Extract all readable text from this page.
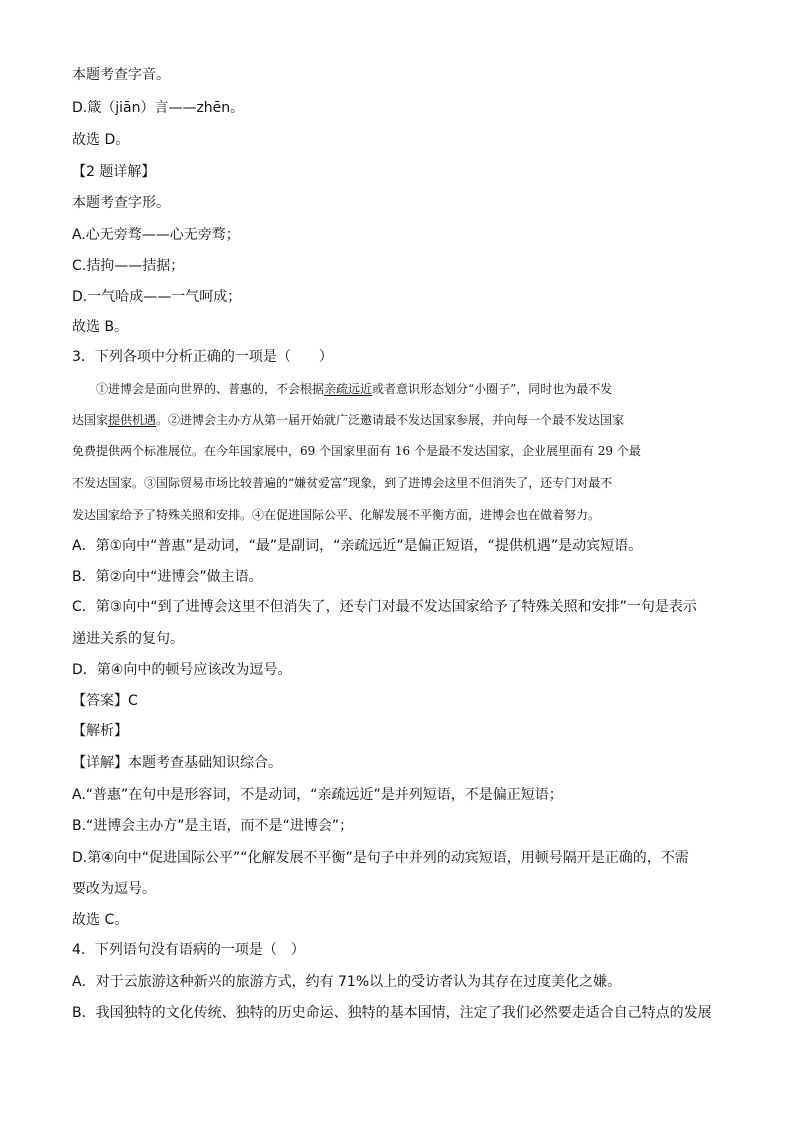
本题考查字音。
D.箴（jiān）言——zhēn。
故选 D。
【2 题详解】
本题考查字形。
A.心无旁骛——心无旁骛；
C.拮拘——拮据；
D.一气哈成——一气呵成；
故选 B。
3．下列各项中分析正确的一项是（　　）
①进博会是面向世界的、普惠的，不会根据亲疏远近或者意识形态划分“小圈子”，同时也为最不发
达国家提供机遇。②进博会主办方从第一届开始就广泛邀请最不发达国家参展，并向每一个最不发达国家
免费提供两个标准展位。在今年国家展中，69 个国家里面有 16 个是最不发达国家，企业展里面有 29 个最
不发达国家。③国际贸易市场比较普遍的“嫌贫爱富”现象，到了进博会这里不但消失了，还专门对最不
发达国家给予了特殊关照和安排。④在促进国际公平、化解发展不平衡方面，进博会也在做着努力。
A．第①向中“普惠”是动词，“最”是副词，“亲疏远近”是偏正短语，“提供机遇”是动宾短语。
B．第②向中“进博会”做主语。
C．第③向中“到了进博会这里不但消失了，还专门对最不发达国家给予了特殊关照和安排”一句是表示
递进关系的复句。
D．第④向中的顿号应该改为逗号。
【答案】C
【解析】
【详解】本题考查基础知识综合。
A.“普惠”在句中是形容词，不是动词，“亲疏远近”是并列短语，不是偏正短语；
B.“进博会主办方”是主语，而不是“进博会”；
D.第④向中“促进国际公平”“化解发展不平衡”是句子中并列的动宾短语，用顿号隔开是正确的，不需
要改为逗号。
故选 C。
4．下列语句没有语病的一项是（　）
A．对于云旅游这种新兴的旅游方式，约有 71%以上的受访者认为其存在过度美化之嫌。
B．我国独特的文化传统、独特的历史命运、独特的基本国情，注定了我们必然要走适合自己特点的发展
